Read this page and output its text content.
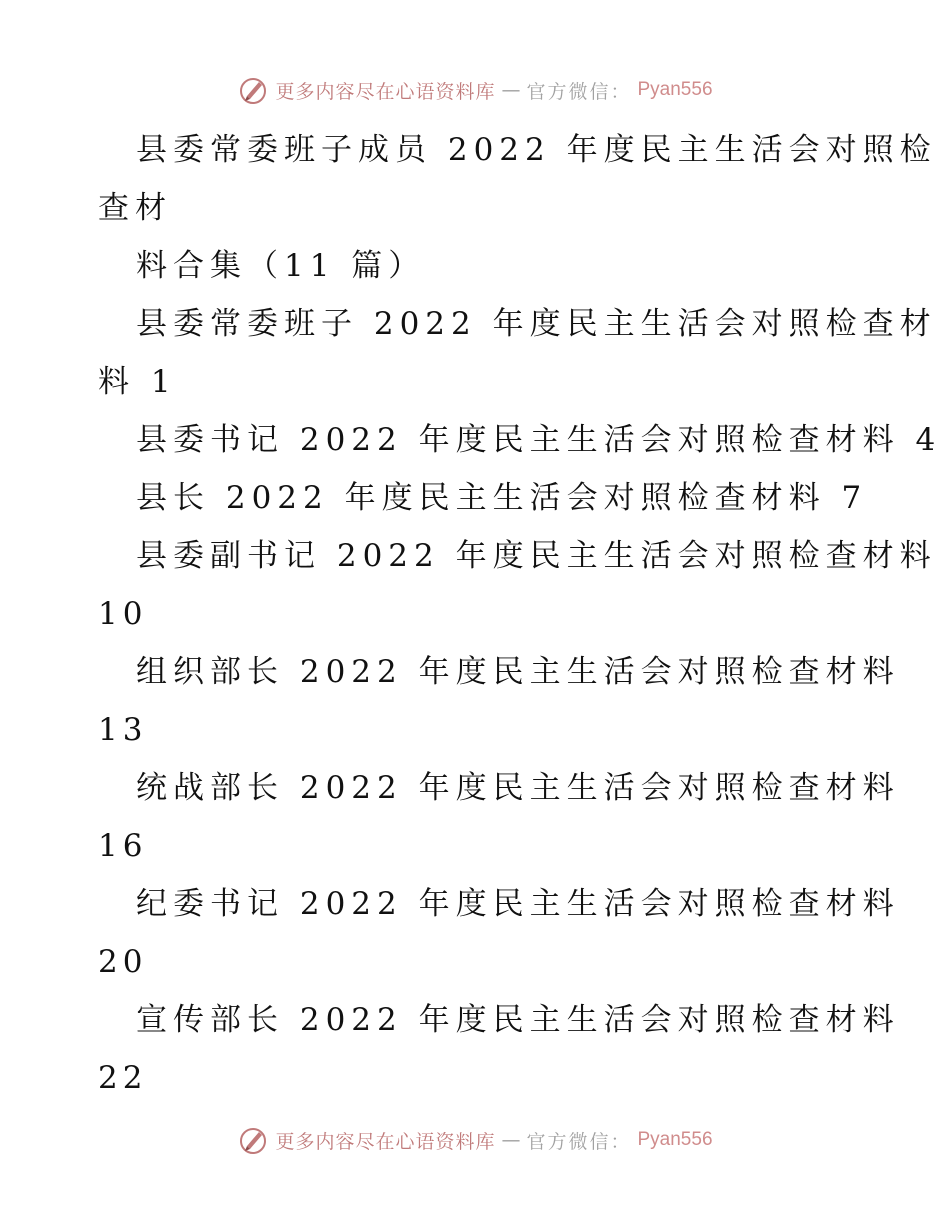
更多内容尽在心语资料库 — 官方微信： Pyan556
县委常委班子成员 2022 年度民主生活会对照检
查材
料合集（11 篇）
县委常委班子 2022 年度民主生活会对照检查材
料 1
县委书记 2022 年度民主生活会对照检查材料 4
县长 2022 年度民主生活会对照检查材料 7
县委副书记 2022 年度民主生活会对照检查材料
10
组织部长 2022 年度民主生活会对照检查材料
13
统战部长 2022 年度民主生活会对照检查材料
16
纪委书记 2022 年度民主生活会对照检查材料
20
宣传部长 2022 年度民主生活会对照检查材料
22
更多内容尽在心语资料库 — 官方微信： Pyan556
